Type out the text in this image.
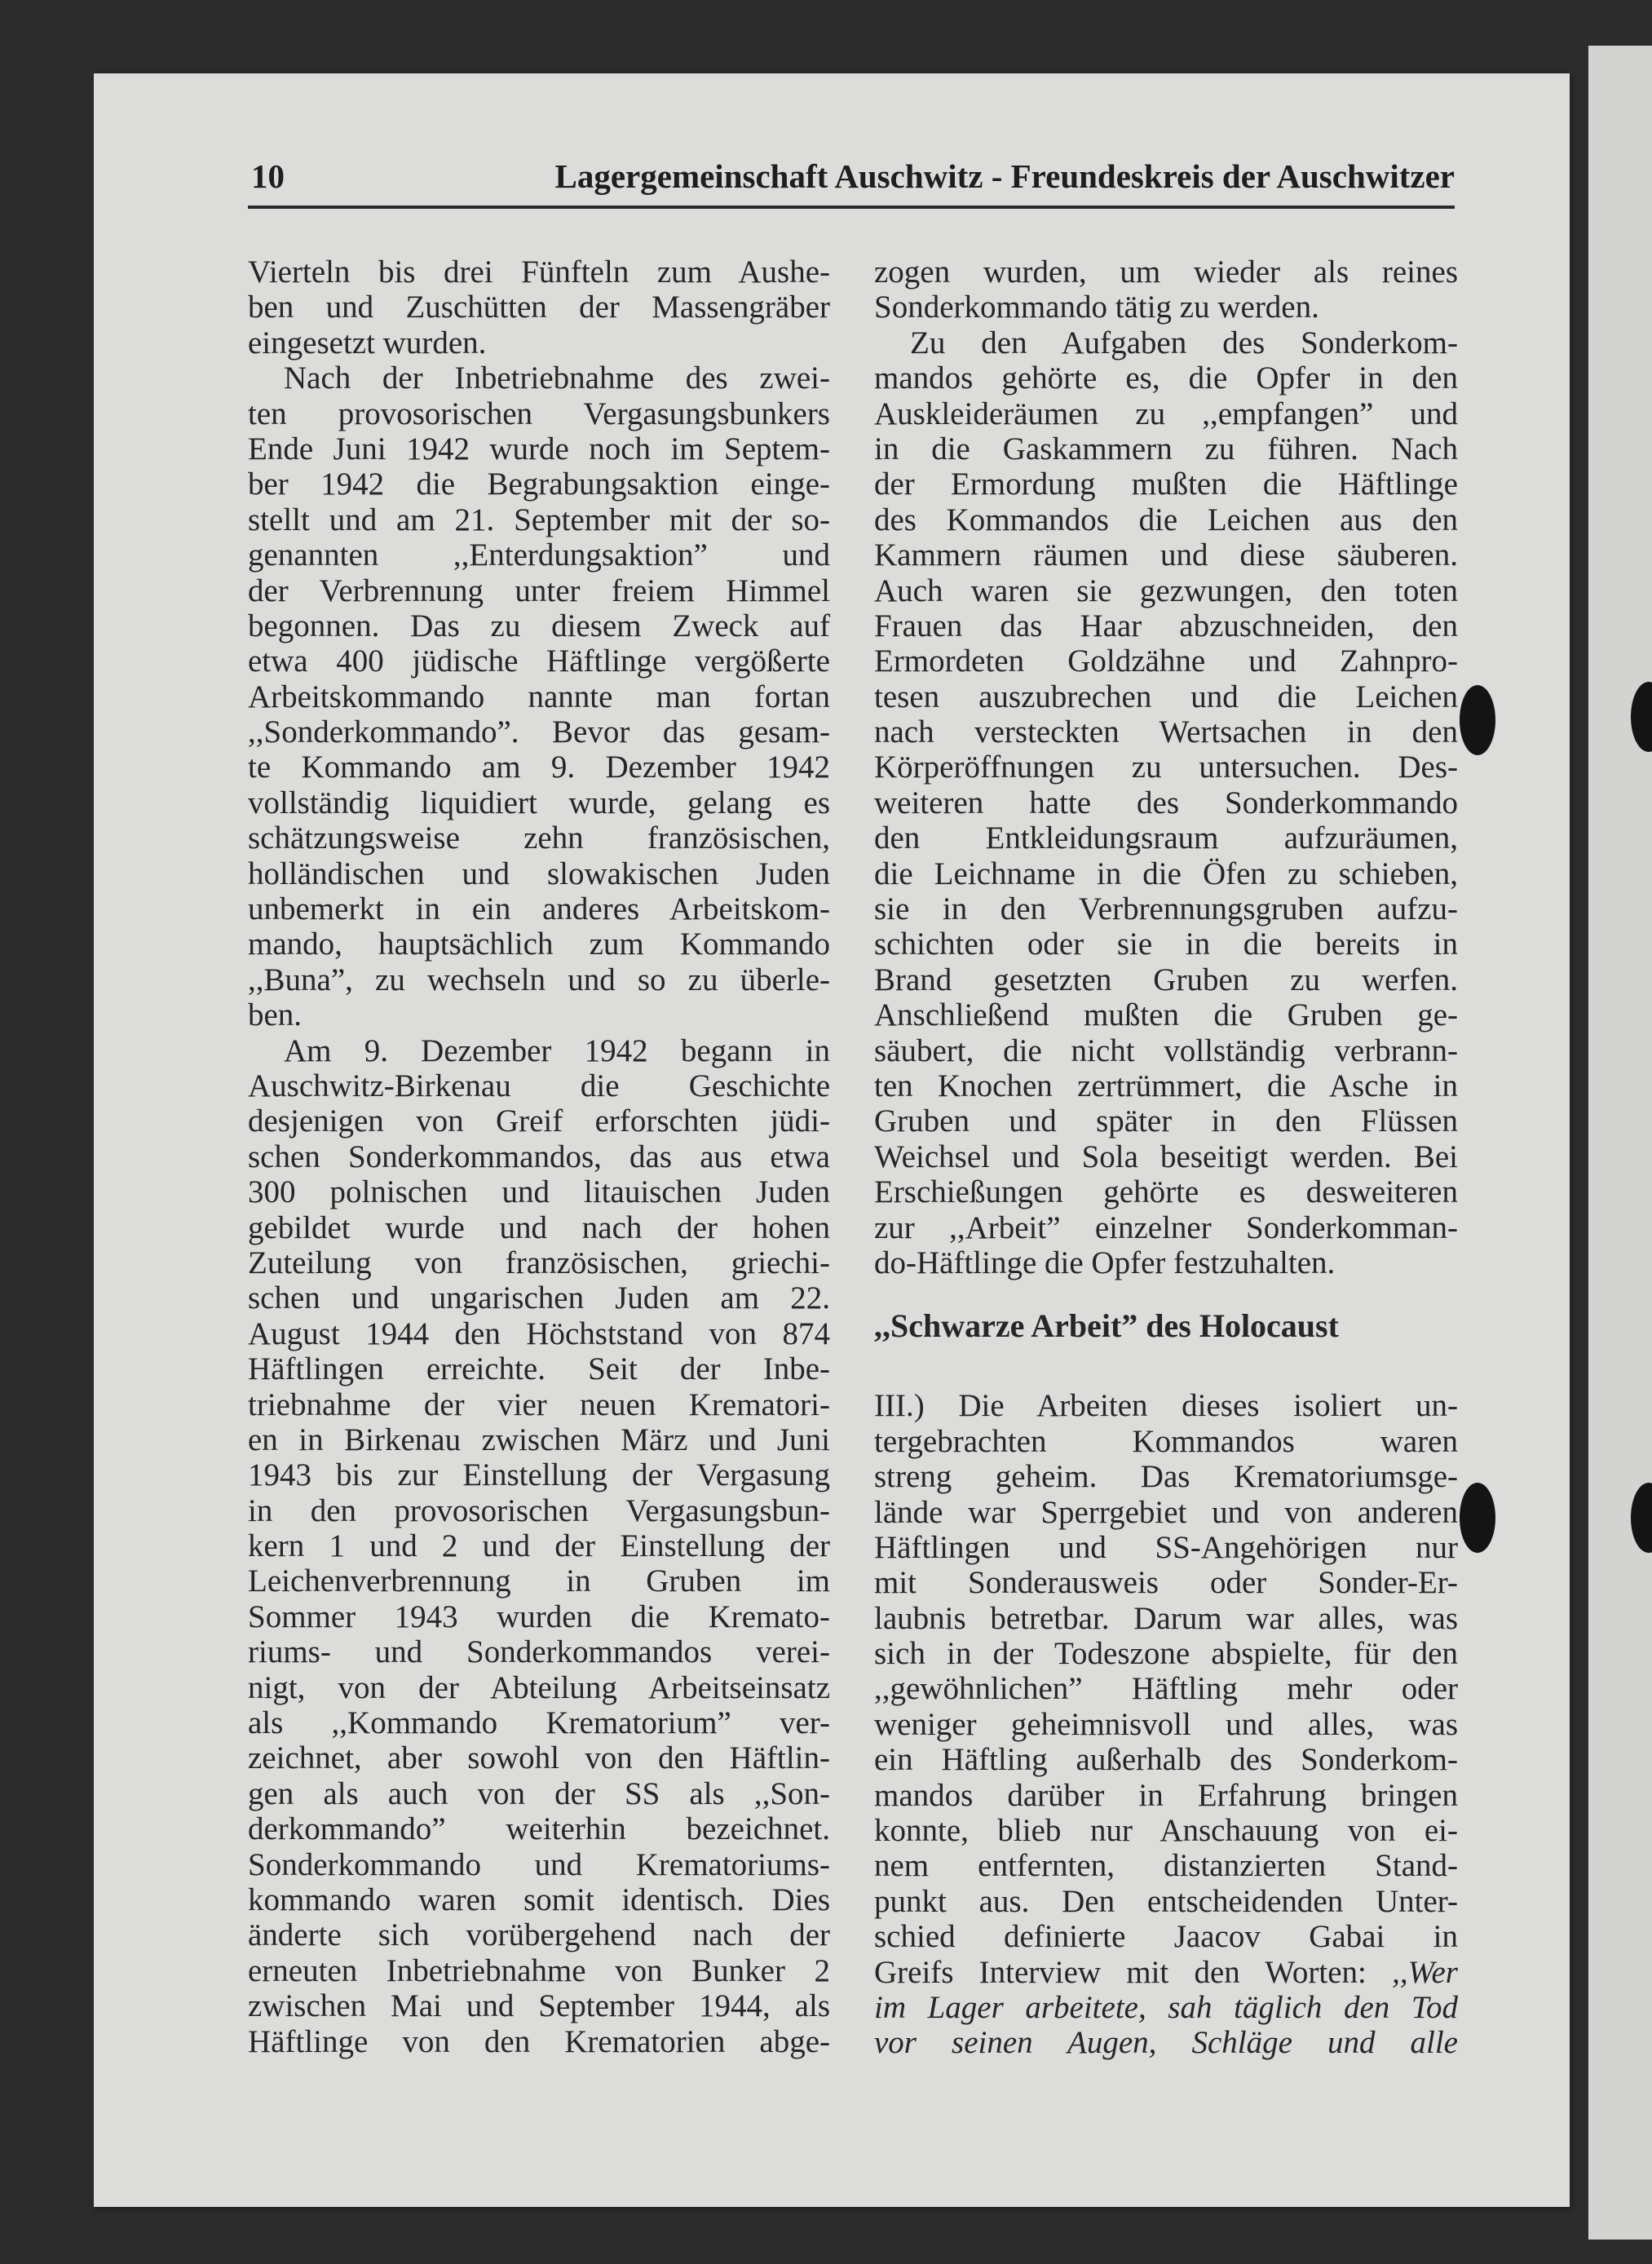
10	Lagergemeinschaft Auschwitz - Freundeskreis der Auschwitzer
Vierteln bis drei Fünfteln zum Aushe-
ben und Zuschütten der Massengräber
eingesetzt wurden.
Nach der Inbetriebnahme des zwei-
ten provosorischen Vergasungsbunkers
Ende Juni 1942 wurde noch im Septem-
ber 1942 die Begrabungsaktion einge-
stellt und am 21. September mit der so-
genannten ,,Enterdungsaktion” und
der Verbrennung unter freiem Himmel
begonnen. Das zu diesem Zweck auf
etwa 400 jüdische Häftlinge vergößerte
Arbeitskommando nannte man fortan
,,Sonderkommando”. Bevor das gesam-
te Kommando am 9. Dezember 1942
vollständig liquidiert wurde, gelang es
schätzungsweise zehn französischen,
holländischen und slowakischen Juden
unbemerkt in ein anderes Arbeitskom-
mando, hauptsächlich zum Kommando
,,Buna”, zu wechseln und so zu überle-
ben.
Am 9. Dezember 1942 begann in
Auschwitz-Birkenau die Geschichte
desjenigen von Greif erforschten jüdi-
schen Sonderkommandos, das aus etwa
300 polnischen und litauischen Juden
gebildet wurde und nach der hohen
Zuteilung von französischen, griechi-
schen und ungarischen Juden am 22.
August 1944 den Höchststand von 874
Häftlingen erreichte. Seit der Inbe-
triebnahme der vier neuen Krematori-
en in Birkenau zwischen März und Juni
1943 bis zur Einstellung der Vergasung
in den provosorischen Vergasungsbun-
kern 1 und 2 und der Einstellung der
Leichenverbrennung in Gruben im
Sommer 1943 wurden die Kremato-
riums- und Sonderkommandos verei-
nigt, von der Abteilung Arbeitseinsatz
als ,,Kommando Krematorium” ver-
zeichnet, aber sowohl von den Häftlin-
gen als auch von der SS als ,,Son-
derkommando” weiterhin bezeichnet.
Sonderkommando und Krematoriums-
kommando waren somit identisch. Dies
änderte sich vorübergehend nach der
erneuten Inbetriebnahme von Bunker 2
zwischen Mai und September 1944, als
Häftlinge von den Krematorien abge-
zogen wurden, um wieder als reines
Sonderkommando tätig zu werden.
Zu den Aufgaben des Sonderkom-
mandos gehörte es, die Opfer in den
Auskleideräumen zu ,,empfangen” und
in die Gaskammern zu führen. Nach
der Ermordung mußten die Häftlinge
des Kommandos die Leichen aus den
Kammern räumen und diese säuberen.
Auch waren sie gezwungen, den toten
Frauen das Haar abzuschneiden, den
Ermordeten Goldzähne und Zahnpro-
tesen auszubrechen und die Leichen
nach versteckten Wertsachen in den
Körperöffnungen zu untersuchen. Des-
weiteren hatte des Sonderkommando
den Entkleidungsraum aufzuräumen,
die Leichname in die Öfen zu schieben,
sie in den Verbrennungsgruben aufzu-
schichten oder sie in die bereits in
Brand gesetzten Gruben zu werfen.
Anschließend mußten die Gruben ge-
säubert, die nicht vollständig verbrann-
ten Knochen zertrümmert, die Asche in
Gruben und später in den Flüssen
Weichsel und Sola beseitigt werden. Bei
Erschießungen gehörte es desweiteren
zur ,,Arbeit” einzelner Sonderkomman-
do-Häftlinge die Opfer festzuhalten.
,,Schwarze Arbeit” des Holocaust
III.) Die Arbeiten dieses isoliert un-
tergebrachten Kommandos waren
streng geheim. Das Krematoriumsge-
lände war Sperrgebiet und von anderen
Häftlingen und SS-Angehörigen nur
mit Sonderausweis oder Sonder-Er-
laubnis betretbar. Darum war alles, was
sich in der Todeszone abspielte, für den
,,gewöhnlichen” Häftling mehr oder
weniger geheimnisvoll und alles, was
ein Häftling außerhalb des Sonderkom-
mandos darüber in Erfahrung bringen
konnte, blieb nur Anschauung von ei-
nem entfernten, distanzierten Stand-
punkt aus. Den entscheidenden Unter-
schied definierte Jaacov Gabai in
Greifs Interview mit den Worten: ,,Wer
im Lager arbeitete, sah täglich den Tod
vor seinen Augen, Schläge und alle
